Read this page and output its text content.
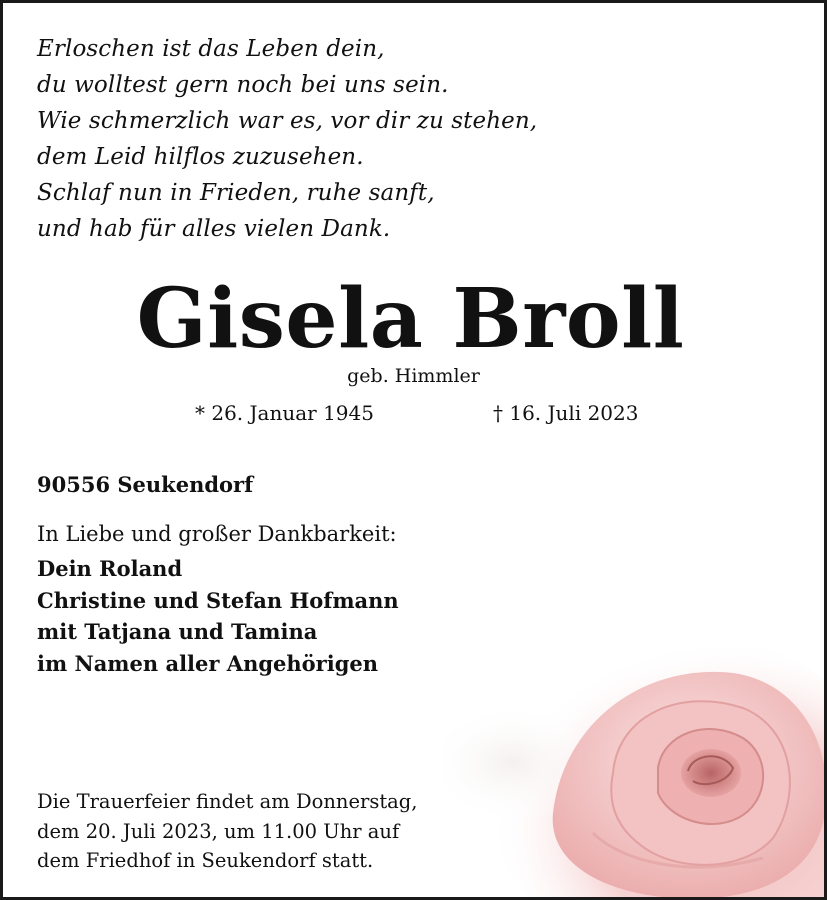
Erloschen ist das Leben dein,
du wolltest gern noch bei uns sein.
Wie schmerzlich war es, vor dir zu stehen,
dem Leid hilflos zuzusehen.
Schlaf nun in Frieden, ruhe sanft,
und hab für alles vielen Dank.
Gisela Broll
geb. Himmler
* 26. Januar 1945	† 16. Juli 2023
90556 Seukendorf
In Liebe und großer Dankbarkeit:
Dein Roland
Christine und Stefan Hofmann
mit Tatjana und Tamina
im Namen aller Angehörigen
Die Trauerfeier findet am Donnerstag,
dem 20. Juli 2023, um 11.00 Uhr auf
dem Friedhof in Seukendorf statt.
